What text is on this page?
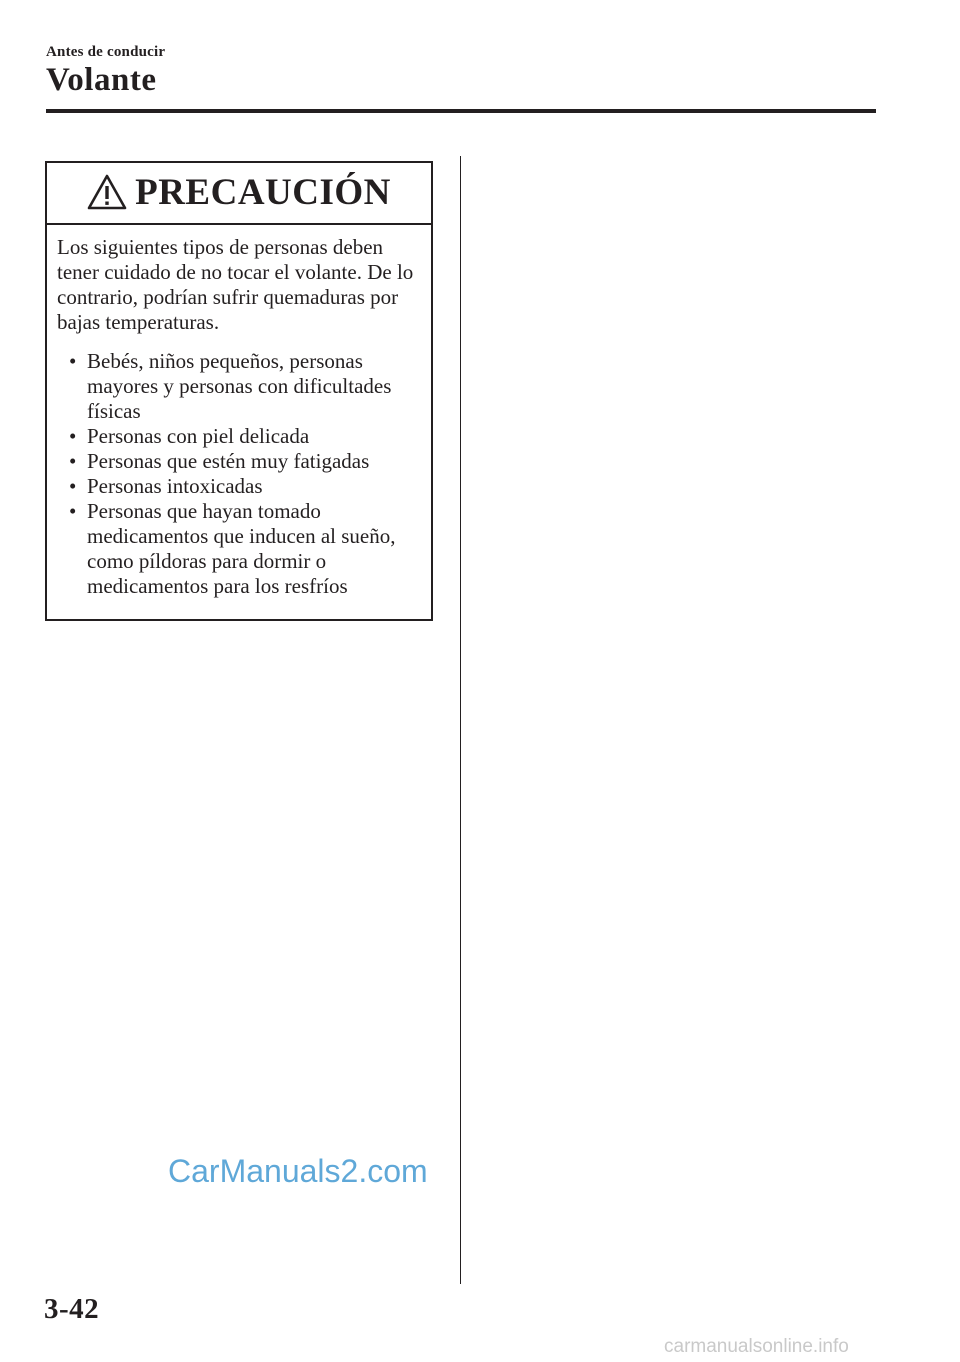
Antes de conducir
Volante
PRECAUCIÓN

Los siguientes tipos de personas deben tener cuidado de no tocar el volante. De lo contrario, podrían sufrir quemaduras por bajas temperaturas.

• Bebés, niños pequeños, personas mayores y personas con dificultades físicas
• Personas con piel delicada
• Personas que estén muy fatigadas
• Personas intoxicadas
• Personas que hayan tomado medicamentos que inducen al sueño, como píldoras para dormir o medicamentos para los resfríos
CarManuals2.com
3-42
carmanualsonline.info
